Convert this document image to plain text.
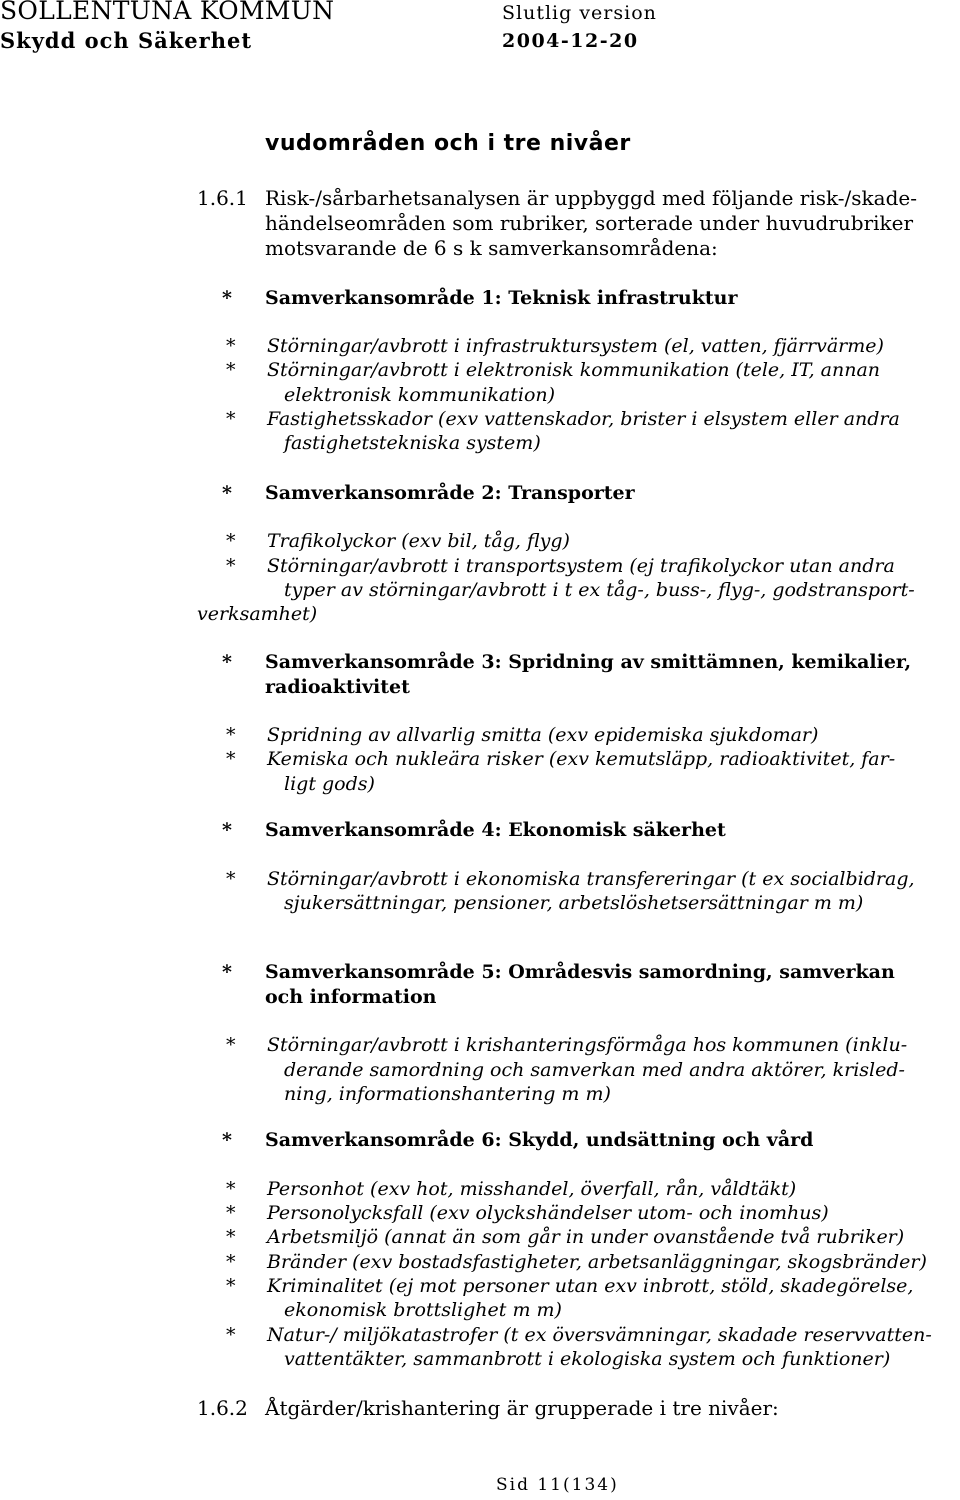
SOLLENTUNA KOMMUN
Skydd och Säkerhet
Slutlig version
2004-12-20
vudområden och i tre nivåer
1.6.1 Risk-/sårbarhetsanalysen är uppbyggd med följande risk-/skade-
händelseområden som rubriker, sorterade under huvudrubriker
motsvarande de 6 s k samverkansområdena:
* Samverkansområde 1: Teknisk infrastruktur
* Störningar/avbrott i infrastruktursystem (el, vatten, fjärrvärme)
* Störningar/avbrott i elektronisk kommunikation (tele, IT, annan
elektronisk kommunikation)
* Fastighetsskador (exv vattenskador, brister i elsystem eller andra
fastighetstekniska system)
* Samverkansområde 2: Transporter
* Trafikolyckor (exv bil, tåg, flyg)
* Störningar/avbrott i transportsystem (ej trafikolyckor utan andra
typer av störningar/avbrott i t ex tåg-, buss-, flyg-, godstransport-
verksamhet)
* Samverkansområde 3: Spridning av smittämnen, kemikalier,
radioaktivitet
* Spridning av allvarlig smitta (exv epidemiska sjukdomar)
* Kemiska och nukleära risker (exv kemutsläpp, radioaktivitet, far-
ligt gods)
* Samverkansområde 4: Ekonomisk säkerhet
* Störningar/avbrott i ekonomiska transfereringar (t ex socialbidrag,
sjukersättningar, pensioner, arbetslöshetsersättningar m m)
* Samverkansområde 5: Områdesvis samordning, samverkan
och information
* Störningar/avbrott i krishanteringsförmåga hos kommunen (inklu-
derande samordning och samverkan med andra aktörer, krisled-
ning, informationshantering m m)
* Samverkansområde 6: Skydd, undsättning och vård
* Personhot (exv hot, misshandel, överfall, rån, våldtäkt)
* Personolycksfall (exv olyckshändelser utom- och inomhus)
* Arbetsmiljö (annat än som går in under ovanstående två rubriker)
* Bränder (exv bostadsfastigheter, arbetsanläggningar, skogsbränder)
* Kriminalitet (ej mot personer utan exv inbrott, stöld, skadegörelse,
ekonomisk brottslighet m m)
* Natur-/ miljökatastrofer (t ex översvämningar, skadade reservvatten-
vattentäkter, sammanbrott i ekologiska system och funktioner)
1.6.2 Åtgärder/krishantering är grupperade i tre nivåer:
Sid 11(134)
